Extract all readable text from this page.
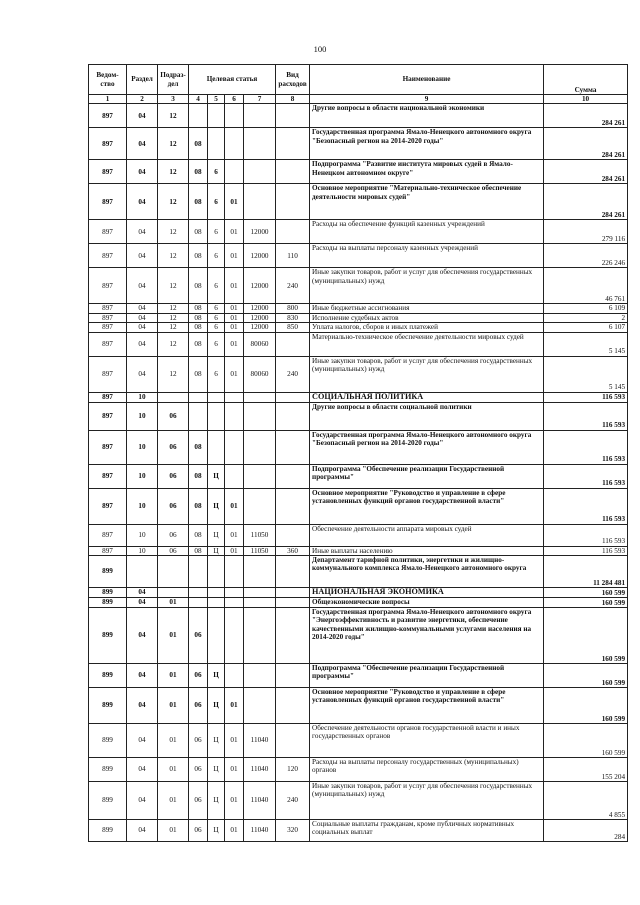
100
Ведом-ство	Раздел	Подраз-дел	Целевая статья				Вид расходов	Наименование	Сумма
1	2	3	4	5	6	7	8	9	10
897	04	12						Другие вопросы в области национальной экономики	284 261
897	04	12	08					Государственная программа Ямало-Ненецкого автономного округа "Безопасный регион на 2014-2020 годы"	284 261
897	04	12	08	6				Подпрограмма "Развитие института мировых судей в Ямало-Ненецком автономном округе"	284 261
897	04	12	08	6	01			Основное мероприятие "Материально-техническое обеспечение деятельности мировых судей"	284 261
897	04	12	08	6	01	12000		Расходы на обеспечение функций казенных учреждений	279 116
897	04	12	08	6	01	12000	110	Расходы на выплаты персоналу казенных учреждений	226 246
897	04	12	08	6	01	12000	240	Иные закупки товаров, работ и услуг для обеспечения государственных (муниципальных) нужд	46 761
897	04	12	08	6	01	12000	800	Иные бюджетные ассигнования	6 109
897	04	12	08	6	01	12000	830	Исполнение судебных актов	2
897	04	12	08	6	01	12000	850	Уплата налогов, сборов и иных платежей	6 107
897	04	12	08	6	01	80060		Материально-техническое обеспечение деятельности мировых судей	5 145
897	04	12	08	6	01	80060	240	Иные закупки товаров, работ и услуг для обеспечения государственных (муниципальных) нужд	5 145
897	10							СОЦИАЛЬНАЯ ПОЛИТИКА	116 593
897	10	06						Другие вопросы в области социальной политики	116 593
897	10	06	08					Государственная программа Ямало-Ненецкого автономного округа "Безопасный регион на 2014-2020 годы"	116 593
897	10	06	08	Ц				Подпрограмма "Обеспечение реализации Государственной программы"	116 593
897	10	06	08	Ц	01			Основное мероприятие "Руководство и управление в сфере установленных функций органов государственной власти"	116 593
897	10	06	08	Ц	01	11050		Обеспечение деятельности аппарата мировых судей	116 593
897	10	06	08	Ц	01	11050	360	Иные выплаты населению	116 593
899								Департамент тарифной политики, энергетики и жилищно-коммунального комплекса Ямало-Ненецкого автономного округа	11 284 481
899	04							НАЦИОНАЛЬНАЯ ЭКОНОМИКА	160 599
899	04	01						Общеэкономические вопросы	160 599
899	04	01	06					Государственная программа Ямало-Ненецкого автономного округа "Энергоэффективность и развитие энергетики, обеспечение качественными жилищно-коммунальными услугами населения на 2014-2020 годы"	160 599
899	04	01	06	Ц				Подпрограмма "Обеспечение реализации Государственной программы"	160 599
899	04	01	06	Ц	01			Основное мероприятие "Руководство и управление в сфере установленных функций органов государственной власти"	160 599
899	04	01	06	Ц	01	11040		Обеспечение деятельности органов государственной власти и иных государственных органов	160 599
899	04	01	06	Ц	01	11040	120	Расходы на выплаты персоналу государственных (муниципальных) органов	155 204
899	04	01	06	Ц	01	11040	240	Иные закупки товаров, работ и услуг для обеспечения государственных (муниципальных) нужд	4 855
899	04	01	06	Ц	01	11040	320	Социальные выплаты гражданам, кроме публичных нормативных социальных выплат	284
